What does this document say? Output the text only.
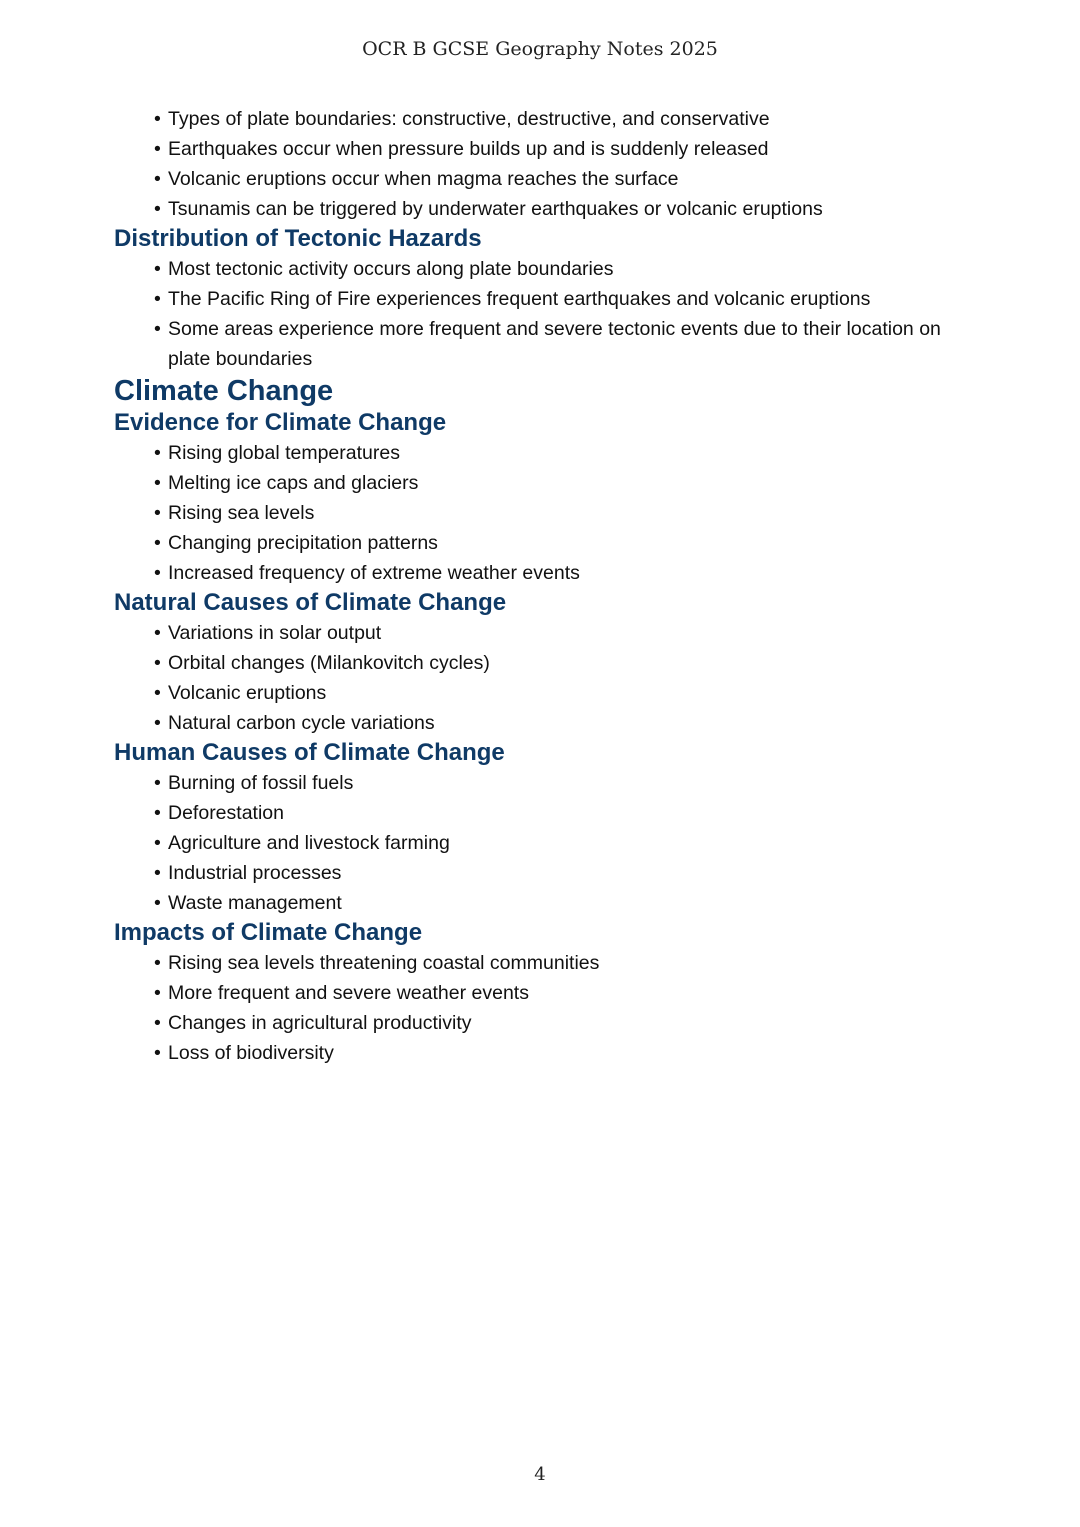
OCR B GCSE Geography Notes 2025
• Types of plate boundaries: constructive, destructive, and conservative
• Earthquakes occur when pressure builds up and is suddenly released
• Volcanic eruptions occur when magma reaches the surface
• Tsunamis can be triggered by underwater earthquakes or volcanic eruptions
Distribution of Tectonic Hazards
• Most tectonic activity occurs along plate boundaries
• The Pacific Ring of Fire experiences frequent earthquakes and volcanic eruptions
• Some areas experience more frequent and severe tectonic events due to their location on plate boundaries
Climate Change
Evidence for Climate Change
• Rising global temperatures
• Melting ice caps and glaciers
• Rising sea levels
• Changing precipitation patterns
• Increased frequency of extreme weather events
Natural Causes of Climate Change
• Variations in solar output
• Orbital changes (Milankovitch cycles)
• Volcanic eruptions
• Natural carbon cycle variations
Human Causes of Climate Change
• Burning of fossil fuels
• Deforestation
• Agriculture and livestock farming
• Industrial processes
• Waste management
Impacts of Climate Change
• Rising sea levels threatening coastal communities
• More frequent and severe weather events
• Changes in agricultural productivity
• Loss of biodiversity
4
